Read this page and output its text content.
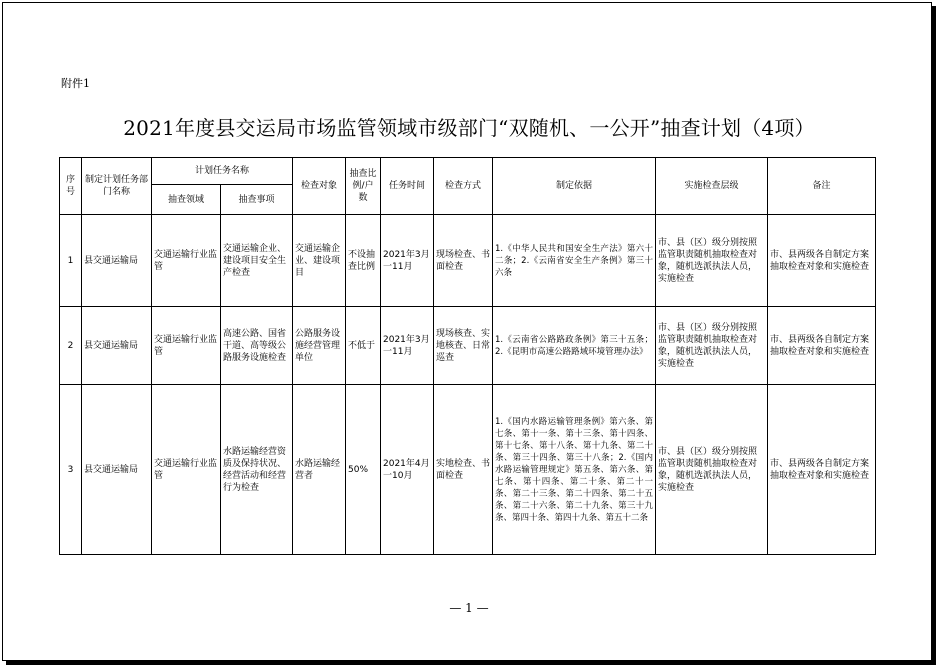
附件1
2021年度县交运局市场监管领域市级部门“双随机、一公开”抽查计划（4项）
序号	制定计划任务部门名称	计划任务名称		检查对象	抽查比例/户数	任务时间	检查方式	制定依据	实施检查层级	备注
		抽查领域	抽查事项							
1	县交通运输局	交通运输行业监管	交通运输企业、建设项目安全生产检查	交通运输企业、建设项目	不设抽查比例	2021年3月一11月	现场检查、书面检查	1.《中华人民共和国安全生产法》第六十二条；2.《云南省安全生产条例》第三十六条	市、县（区）级分别按照监管职责随机抽取检查对象，随机选派执法人员，实施检查	市、县两级各自制定方案抽取检查对象和实施检查
2	县交通运输局	交通运输行业监管	高速公路、国省干道、高等级公路服务设施检查	公路服务设施经营管理单位	不低于	2021年3月一11月	现场核查、实地核查、日常巡查	1.《云南省公路路政条例》第三十五条；2.《昆明市高速公路路域环境管理办法》	市、县（区）级分别按照监管职责随机抽取检查对象，随机选派执法人员，实施检查	市、县两级各自制定方案抽取检查对象和实施检查
3	县交通运输局	交通运输行业监管	水路运输经营资质及保持状况、经营活动和经营行为检查	水路运输经营者	50%	2021年4月一10月	实地检查、书面检查	1.《国内水路运输管理条例》第六条、第七条、第十一条、第十三条、第十四条、第十七条、第十八条、第十九条、第二十条、第三十四条、第三十八条；2.《国内水路运输管理规定》第五条、第六条、第七条、第十四条、第二十条、第二十一条、第二十三条、第二十四条、第二十五条、第二十六条、第二十九条、第三十九条、第四十条、第四十九条、第五十二条	市、县（区）级分别按照监管职责随机抽取检查对象，随机选派执法人员，实施检查	市、县两级各自制定方案抽取检查对象和实施检查
— 1 —
